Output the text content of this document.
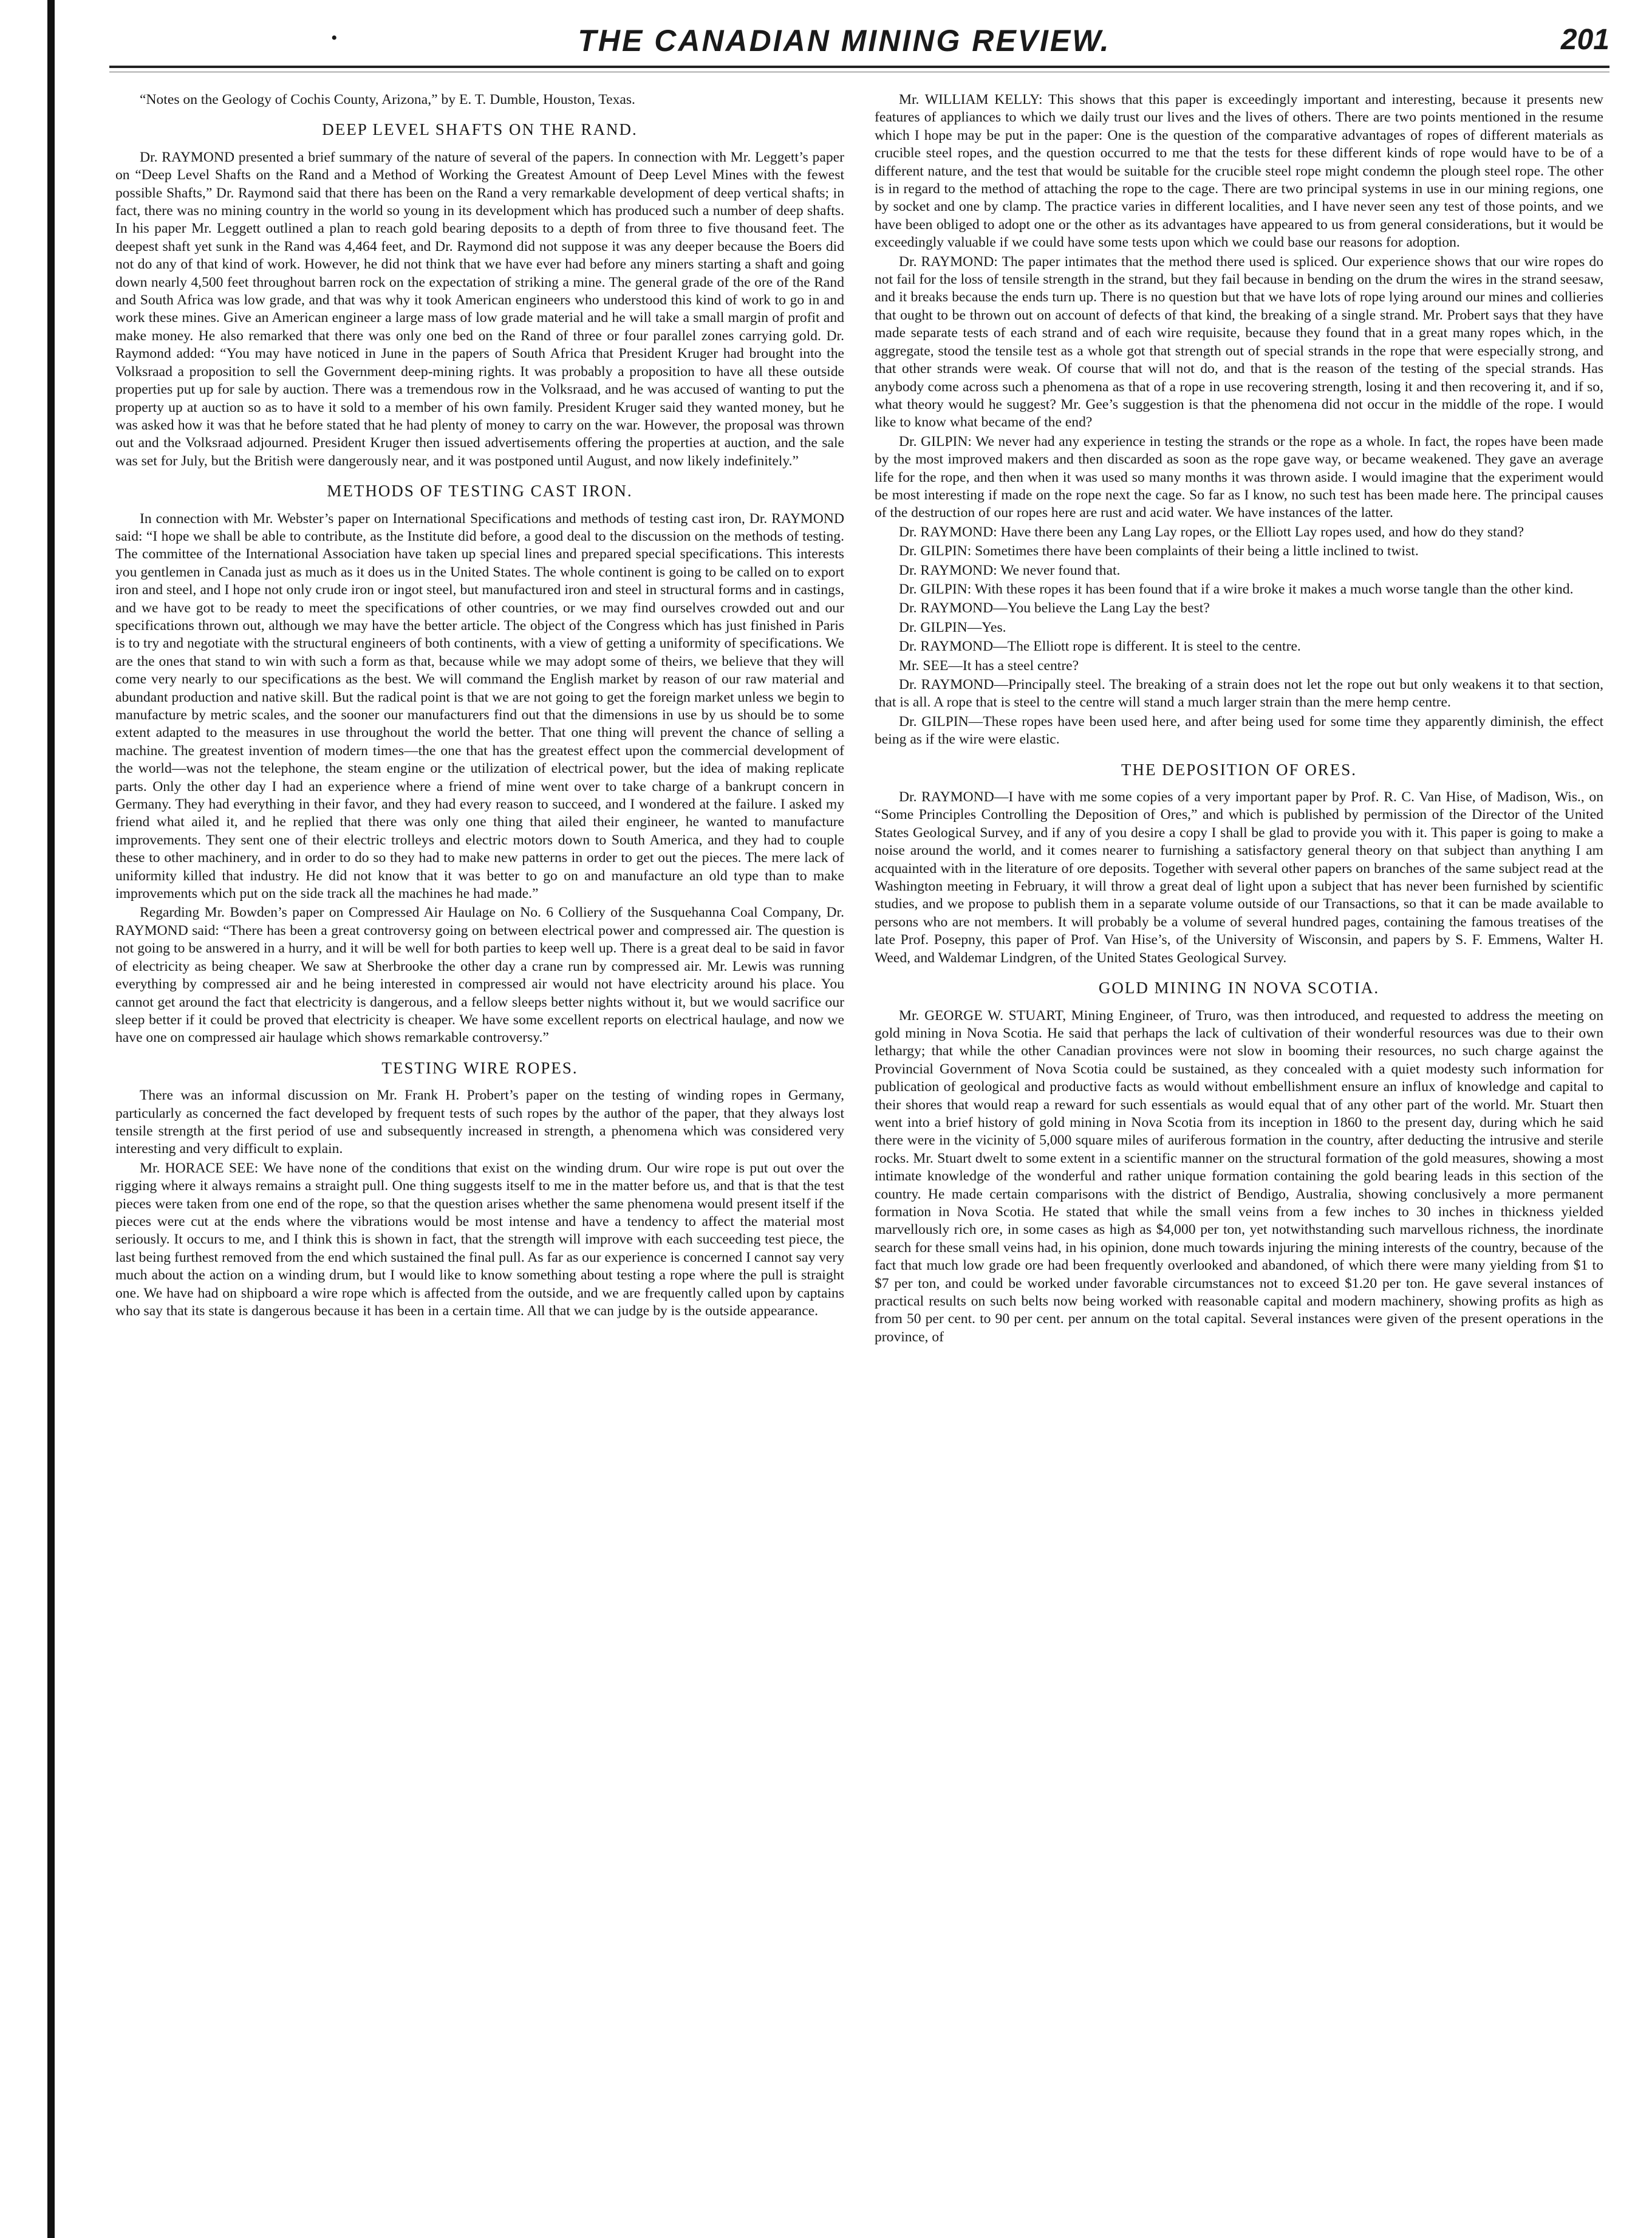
•	THE CANADIAN MINING REVIEW.	201

“Notes on the Geology of Cochis County, Arizona,” by E. T. Dumble, Houston, Texas.

DEEP LEVEL SHAFTS ON THE RAND.

Dr. RAYMOND presented a brief summary of the nature of several of the papers. In connection with Mr. Leggett’s paper on “Deep Level Shafts on the Rand and a Method of Working the Greatest Amount of Deep Level Mines with the fewest possible Shafts,” Dr. Raymond said that there has been on the Rand a very remarkable development of deep vertical shafts; in fact, there was no mining country in the world so young in its development which has produced such a number of deep shafts. In his paper Mr. Leggett outlined a plan to reach gold bearing deposits to a depth of from three to five thousand feet. The deepest shaft yet sunk in the Rand was 4,464 feet, and Dr. Raymond did not suppose it was any deeper because the Boers did not do any of that kind of work. However, he did not think that we have ever had before any miners starting a shaft and going down nearly 4,500 feet throughout barren rock on the expectation of striking a mine. The general grade of the ore of the Rand and South Africa was low grade, and that was why it took American engineers who understood this kind of work to go in and work these mines. Give an American engineer a large mass of low grade material and he will take a small margin of profit and make money. He also remarked that there was only one bed on the Rand of three or four parallel zones carrying gold. Dr. Raymond added: “You may have noticed in June in the papers of South Africa that President Kruger had brought into the Volksraad a proposition to sell the Government deep-mining rights. It was probably a proposition to have all these outside properties put up for sale by auction. There was a tremendous row in the Volksraad, and he was accused of wanting to put the property up at auction so as to have it sold to a member of his own family. President Kruger said they wanted money, but he was asked how it was that he before stated that he had plenty of money to carry on the war. However, the proposal was thrown out and the Volksraad adjourned. President Kruger then issued advertisements offering the properties at auction, and the sale was set for July, but the British were dangerously near, and it was postponed until August, and now likely indefinitely.”

METHODS OF TESTING CAST IRON.

In connection with Mr. Webster’s paper on International Specifications and methods of testing cast iron, Dr. RAYMOND said: “I hope we shall be able to contribute, as the Institute did before, a good deal to the discussion on the methods of testing. The committee of the International Association have taken up special lines and prepared special specifications. This interests you gentlemen in Canada just as much as it does us in the United States. The whole continent is going to be called on to export iron and steel, and I hope not only crude iron or ingot steel, but manufactured iron and steel in structural forms and in castings, and we have got to be ready to meet the specifications of other countries, or we may find ourselves crowded out and our specifications thrown out, although we may have the better article. The object of the Congress which has just finished in Paris is to try and negotiate with the structural engineers of both continents, with a view of getting a uniformity of specifications. We are the ones that stand to win with such a form as that, because while we may adopt some of theirs, we believe that they will come very nearly to our specifications as the best. We will command the English market by reason of our raw material and abundant production and native skill. But the radical point is that we are not going to get the foreign market unless we begin to manufacture by metric scales, and the sooner our manufacturers find out that the dimensions in use by us should be to some extent adapted to the measures in use throughout the world the better. That one thing will prevent the chance of selling a machine. The greatest invention of modern times—the one that has the greatest effect upon the commercial development of the world—was not the telephone, the steam engine or the utilization of electrical power, but the idea of making replicate parts. Only the other day I had an experience where a friend of mine went over to take charge of a bankrupt concern in Germany. They had everything in their favor, and they had every reason to succeed, and I wondered at the failure. I asked my friend what ailed it, and he replied that there was only one thing that ailed their engineer, he wanted to manufacture improvements. They sent one of their electric trolleys and electric motors down to South America, and they had to couple these to other machinery, and in order to do so they had to make new patterns in order to get out the pieces. The mere lack of uniformity killed that industry. He did not know that it was better to go on and manufacture an old type than to make improvements which put on the side track all the machines he had made.”

Regarding Mr. Bowden’s paper on Compressed Air Haulage on No. 6 Colliery of the Susquehanna Coal Company, Dr. RAYMOND said: “There has been a great controversy going on between electrical power and compressed air. The question is not going to be answered in a hurry, and it will be well for both parties to keep well up. There is a great deal to be said in favor of electricity as being cheaper. We saw at Sherbrooke the other day a crane run by compressed air. Mr. Lewis was running everything by compressed air and he being interested in compressed air would not have electricity around his place. You cannot get around the fact that electricity is dangerous, and a fellow sleeps better nights without it, but we would sacrifice our sleep better if it could be proved that electricity is cheaper. We have some excellent reports on electrical haulage, and now we have one on compressed air haulage which shows remarkable controversy.”

TESTING WIRE ROPES.

There was an informal discussion on Mr. Frank H. Probert’s paper on the testing of winding ropes in Germany, particularly as concerned the fact developed by frequent tests of such ropes by the author of the paper, that they always lost tensile strength at the first period of use and subsequently increased in strength, a phenomena which was considered very interesting and very difficult to explain.

Mr. HORACE SEE: We have none of the conditions that exist on the winding drum. Our wire rope is put out over the rigging where it always remains a straight pull. One thing suggests itself to me in the matter before us, and that is that the test pieces were taken from one end of the rope, so that the question arises whether the same phenomena would present itself if the pieces were cut at the ends where the vibrations would be most intense and have a tendency to affect the material most seriously. It occurs to me, and I think this is shown in fact, that the strength will improve with each succeeding test piece, the last being furthest removed from the end which sustained the final pull. As far as our experience is concerned I cannot say very much about the action on a winding drum, but I would like to know something about testing a rope where the pull is straight one. We have had on shipboard a wire rope which is affected from the outside, and we are frequently called upon by captains who say that its state is dangerous because it has been in a certain time. All that we can judge by is the outside appearance.

Mr. WILLIAM KELLY: This shows that this paper is exceedingly important and interesting, because it presents new features of appliances to which we daily trust our lives and the lives of others. There are two points mentioned in the resume which I hope may be put in the paper: One is the question of the comparative advantages of ropes of different materials as crucible steel ropes, and the question occurred to me that the tests for these different kinds of rope would have to be of a different nature, and the test that would be suitable for the crucible steel rope might condemn the plough steel rope. The other is in regard to the method of attaching the rope to the cage. There are two principal systems in use in our mining regions, one by socket and one by clamp. The practice varies in different localities, and I have never seen any test of those points, and we have been obliged to adopt one or the other as its advantages have appeared to us from general considerations, but it would be exceedingly valuable if we could have some tests upon which we could base our reasons for adoption.

Dr. RAYMOND: The paper intimates that the method there used is spliced. Our experience shows that our wire ropes do not fail for the loss of tensile strength in the strand, but they fail because in bending on the drum the wires in the strand seesaw, and it breaks because the ends turn up. There is no question but that we have lots of rope lying around our mines and collieries that ought to be thrown out on account of defects of that kind, the breaking of a single strand. Mr. Probert says that they have made separate tests of each strand and of each wire requisite, because they found that in a great many ropes which, in the aggregate, stood the tensile test as a whole got that strength out of special strands in the rope that were especially strong, and that other strands were weak. Of course that will not do, and that is the reason of the testing of the special strands. Has anybody come across such a phenomena as that of a rope in use recovering strength, losing it and then recovering it, and if so, what theory would he suggest? Mr. Gee’s suggestion is that the phenomena did not occur in the middle of the rope. I would like to know what became of the end?

Dr. GILPIN: We never had any experience in testing the strands or the rope as a whole. In fact, the ropes have been made by the most improved makers and then discarded as soon as the rope gave way, or became weakened. They gave an average life for the rope, and then when it was used so many months it was thrown aside. I would imagine that the experiment would be most interesting if made on the rope next the cage. So far as I know, no such test has been made here. The principal causes of the destruction of our ropes here are rust and acid water. We have instances of the latter.

Dr. RAYMOND: Have there been any Lang Lay ropes, or the Elliott Lay ropes used, and how do they stand?

Dr. GILPIN: Sometimes there have been complaints of their being a little inclined to twist.

Dr. RAYMOND: We never found that.

Dr. GILPIN: With these ropes it has been found that if a wire broke it makes a much worse tangle than the other kind.

Dr. RAYMOND—You believe the Lang Lay the best?

Dr. GILPIN—Yes.

Dr. RAYMOND—The Elliott rope is different. It is steel to the centre.

Mr. SEE—It has a steel centre?

Dr. RAYMOND—Principally steel. The breaking of a strain does not let the rope out but only weakens it to that section, that is all. A rope that is steel to the centre will stand a much larger strain than the mere hemp centre.

Dr. GILPIN—These ropes have been used here, and after being used for some time they apparently diminish, the effect being as if the wire were elastic.

THE DEPOSITION OF ORES.

Dr. RAYMOND—I have with me some copies of a very important paper by Prof. R. C. Van Hise, of Madison, Wis., on “Some Principles Controlling the Deposition of Ores,” and which is published by permission of the Director of the United States Geological Survey, and if any of you desire a copy I shall be glad to provide you with it. This paper is going to make a noise around the world, and it comes nearer to furnishing a satisfactory general theory on that subject than anything I am acquainted with in the literature of ore deposits. Together with several other papers on branches of the same subject read at the Washington meeting in February, it will throw a great deal of light upon a subject that has never been furnished by scientific studies, and we propose to publish them in a separate volume outside of our Transactions, so that it can be made available to persons who are not members. It will probably be a volume of several hundred pages, containing the famous treatises of the late Prof. Posepny, this paper of Prof. Van Hise’s, of the University of Wisconsin, and papers by S. F. Emmens, Walter H. Weed, and Waldemar Lindgren, of the United States Geological Survey.

GOLD MINING IN NOVA SCOTIA.

Mr. GEORGE W. STUART, Mining Engineer, of Truro, was then introduced, and requested to address the meeting on gold mining in Nova Scotia. He said that perhaps the lack of cultivation of their wonderful resources was due to their own lethargy; that while the other Canadian provinces were not slow in booming their resources, no such charge against the Provincial Government of Nova Scotia could be sustained, as they concealed with a quiet modesty such information for publication of geological and productive facts as would without embellishment ensure an influx of knowledge and capital to their shores that would reap a reward for such essentials as would equal that of any other part of the world. Mr. Stuart then went into a brief history of gold mining in Nova Scotia from its inception in 1860 to the present day, during which he said there were in the vicinity of 5,000 square miles of auriferous formation in the country, after deducting the intrusive and sterile rocks. Mr. Stuart dwelt to some extent in a scientific manner on the structural formation of the gold measures, showing a most intimate knowledge of the wonderful and rather unique formation containing the gold bearing leads in this section of the country. He made certain comparisons with the district of Bendigo, Australia, showing conclusively a more permanent formation in Nova Scotia. He stated that while the small veins from a few inches to 30 inches in thickness yielded marvellously rich ore, in some cases as high as $4,000 per ton, yet notwithstanding such marvellous richness, the inordinate search for these small veins had, in his opinion, done much towards injuring the mining interests of the country, because of the fact that much low grade ore had been frequently overlooked and abandoned, of which there were many yielding from $1 to $7 per ton, and could be worked under favorable circumstances not to exceed $1.20 per ton. He gave several instances of practical results on such belts now being worked with reasonable capital and modern machinery, showing profits as high as from 50 per cent. to 90 per cent. per annum on the total capital. Several instances were given of the present operations in the province, of
